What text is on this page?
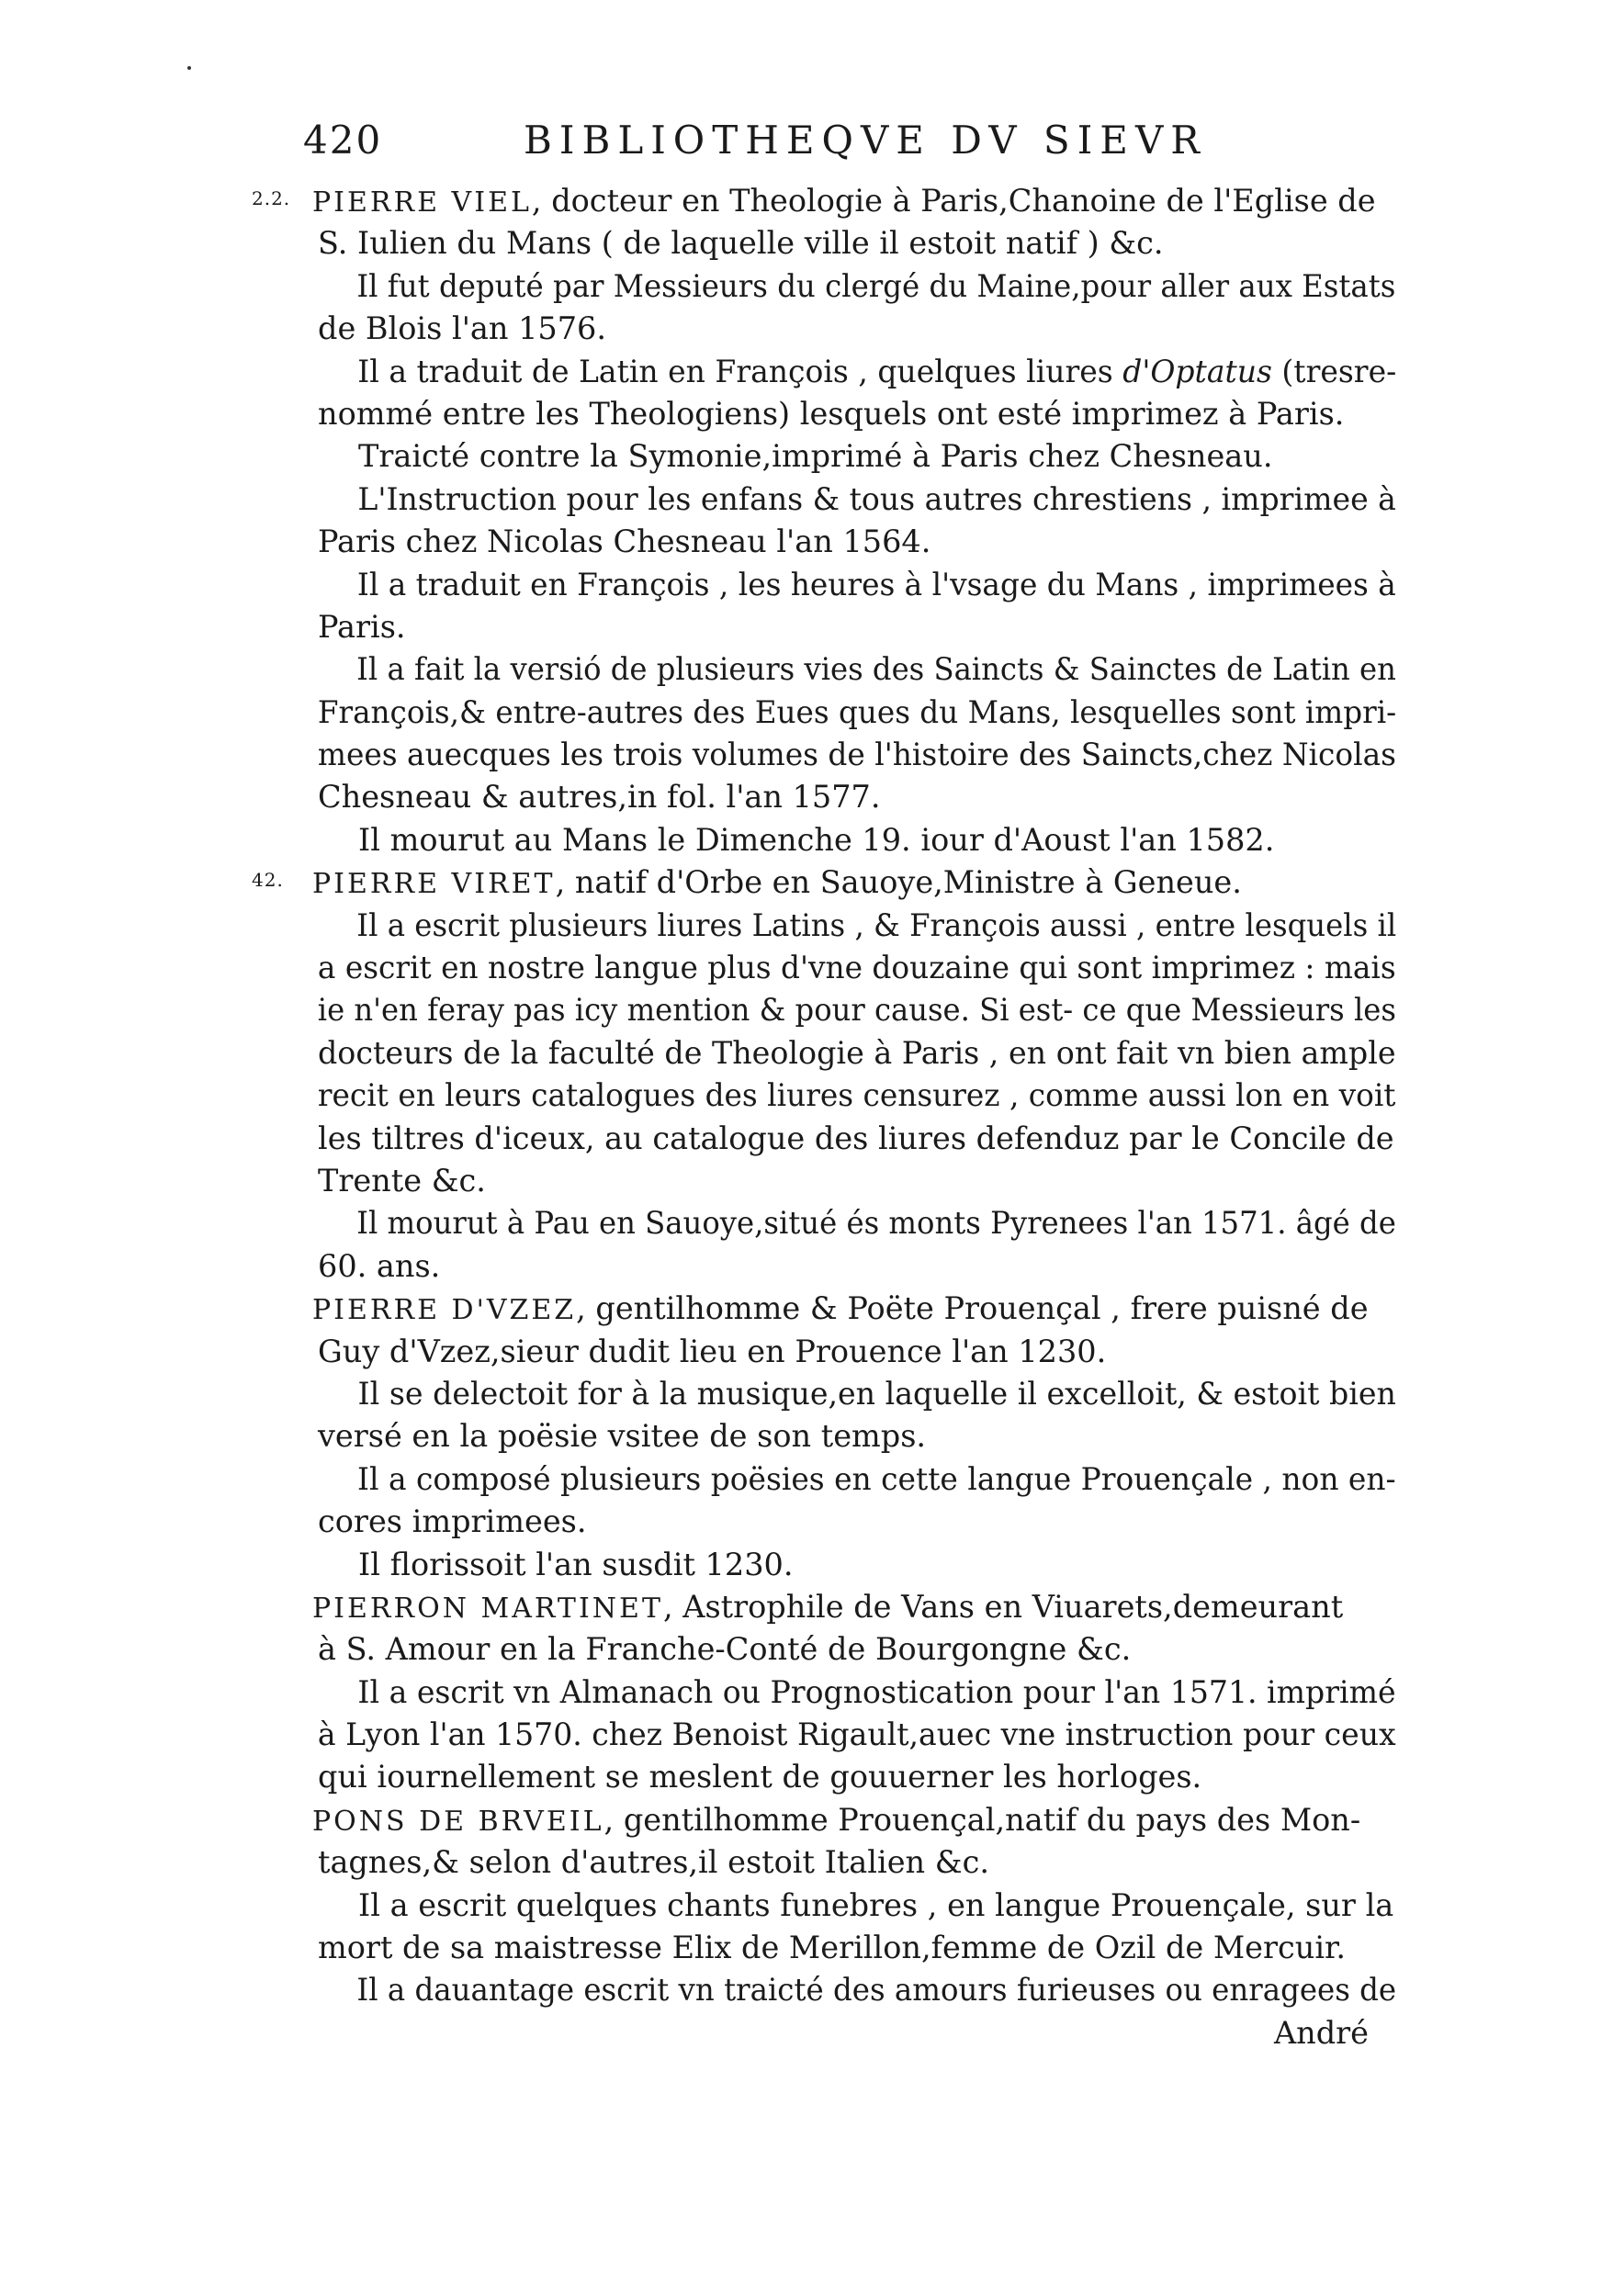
420	BIBLIOTHEQVE DV SIEVR
2.2. PIERRE VIEL, docteur en Theologie à Paris,Chanoine de l'Eglise de
S. Iulien du Mans ( de laquelle ville il estoit natif ) &c.
Il fut deputé par Messieurs du clergé du Maine,pour aller aux Estats
de Blois l'an 1576.
Il a traduit de Latin en François , quelques liures d'Optatus (tresre-
nommé entre les Theologiens) lesquels ont esté imprimez à Paris.
Traicté contre la Symonie,imprimé à Paris chez Chesneau.
L'Instruction pour les enfans & tous autres chrestiens , imprimee à
Paris chez Nicolas Chesneau l'an 1564.
Il a traduit en François , les heures à l'vsage du Mans , imprimees à
Paris.
Il a fait la versió de plusieurs vies des Saincts & Sainctes de Latin en
François,& entre-autres des Eues ques du Mans, lesquelles sont impri-
mees auecques les trois volumes de l'histoire des Saincts,chez Nicolas
Chesneau & autres,in fol. l'an 1577.
Il mourut au Mans le Dimenche 19. iour d'Aoust l'an 1582.
42. PIERRE VIRET, natif d'Orbe en Sauoye,Ministre à Geneue.
Il a escrit plusieurs liures Latins , & François aussi , entre lesquels il
a escrit en nostre langue plus d'vne douzaine qui sont imprimez : mais
ie n'en feray pas icy mention & pour cause. Si est- ce que Messieurs les
docteurs de la faculté de Theologie à Paris , en ont fait vn bien ample
recit en leurs catalogues des liures censurez , comme aussi lon en voit
les tiltres d'iceux, au catalogue des liures defenduz par le Concile de
Trente &c.
Il mourut à Pau en Sauoye,situé és monts Pyrenees l'an 1571. âgé de
60. ans.
PIERRE D'VZEZ, gentilhomme & Poëte Prouençal , frere puisné de
Guy d'Vzez,sieur dudit lieu en Prouence l'an 1230.
Il se delectoit for à la musique,en laquelle il excelloit, & estoit bien
versé en la poësie vsitee de son temps.
Il a composé plusieurs poësies en cette langue Prouençale , non en-
cores imprimees.
Il florissoit l'an susdit 1230.
PIERRON MARTINET, Astrophile de Vans en Viuarets,demeurant
à S. Amour en la Franche-Conté de Bourgongne &c.
Il a escrit vn Almanach ou Prognostication pour l'an 1571. imprimé
à Lyon l'an 1570. chez Benoist Rigault,auec vne instruction pour ceux
qui iournellement se meslent de gouuerner les horloges.
PONS DE BRVEIL, gentilhomme Prouençal,natif du pays des Mon-
tagnes,& selon d'autres,il estoit Italien &c.
Il a escrit quelques chants funebres , en langue Prouençale, sur la
mort de sa maistresse Elix de Merillon,femme de Ozil de Mercuir.
Il a dauantage escrit vn traicté des amours furieuses ou enragees de
André
